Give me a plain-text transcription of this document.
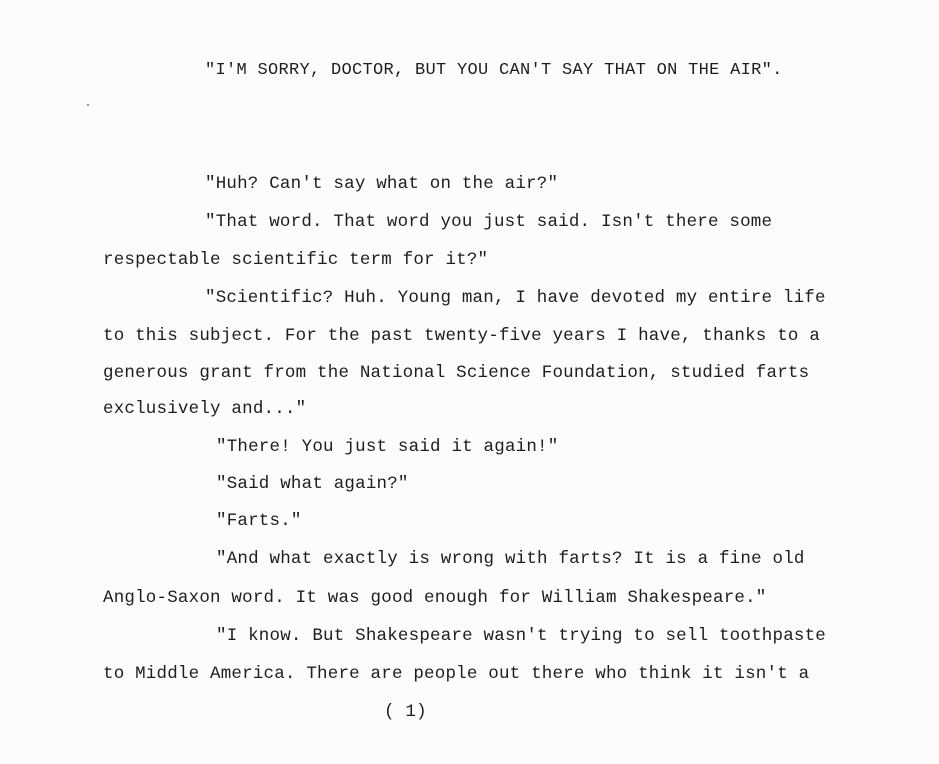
"I'M SORRY, DOCTOR, BUT YOU CAN'T SAY THAT ON THE AIR".
"Huh? Can't say what on the air?"
"That word. That word you just said. Isn't there some
respectable scientific term for it?"
"Scientific? Huh. Young man, I have devoted my entire life
to this subject. For the past twenty-five years I have, thanks to a
generous grant from the National Science Foundation, studied farts
exclusively and..."
"There! You just said it again!"
"Said what again?"
"Farts."
"And what exactly is wrong with farts? It is a fine old
Anglo-Saxon word. It was good enough for William Shakespeare."
"I know. But Shakespeare wasn't trying to sell toothpaste
to Middle America. There are people out there who think it isn't a
( 1)
